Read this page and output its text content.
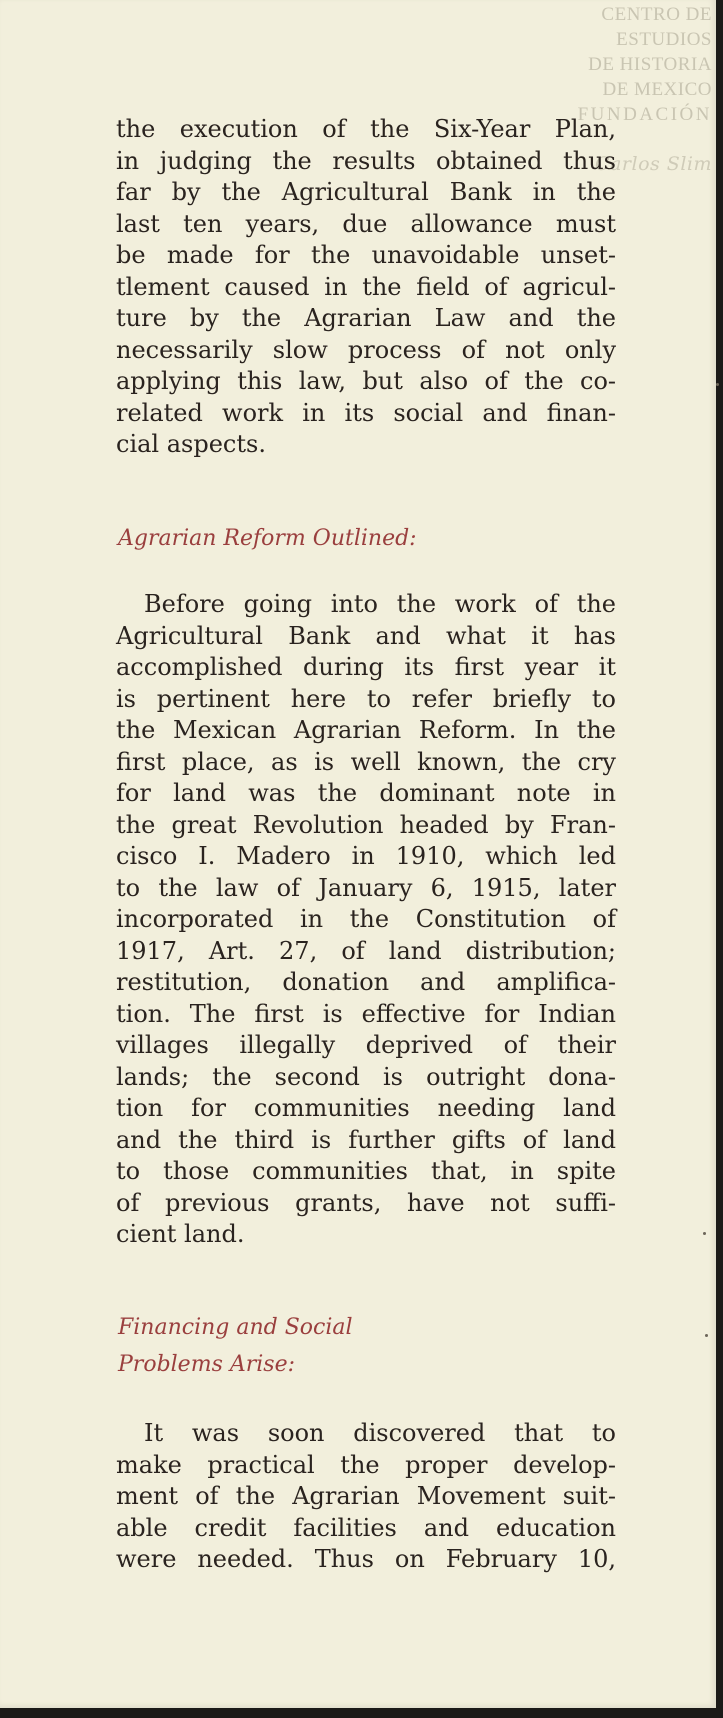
CENTRO DE
ESTUDIOS
DE HISTORIA
DE MEXICO
FUNDACIÓN
Carlos Slim
the execution of the Six-Year Plan,
in judging the results obtained thus
far by the Agricultural Bank in the
last ten years, due allowance must
be made for the unavoidable unset-
tlement caused in the field of agricul-
ture by the Agrarian Law and the
necessarily slow process of not only
applying this law, but also of the co-
related work in its social and finan-
cial aspects.
Agrarian Reform Outlined:
Before going into the work of the
Agricultural Bank and what it has
accomplished during its first year it
is pertinent here to refer briefly to
the Mexican Agrarian Reform. In the
first place, as is well known, the cry
for land was the dominant note in
the great Revolution headed by Fran-
cisco I. Madero in 1910, which led
to the law of January 6, 1915, later
incorporated in the Constitution of
1917, Art. 27, of land distribution;
restitution, donation and amplifica-
tion. The first is effective for Indian
villages illegally deprived of their
lands; the second is outright dona-
tion for communities needing land
and the third is further gifts of land
to those communities that, in spite
of previous grants, have not suffi-
cient land.
Financing and Social
Problems Arise:
It was soon discovered that to
make practical the proper develop-
ment of the Agrarian Movement suit-
able credit facilities and education
were needed. Thus on February 10,
